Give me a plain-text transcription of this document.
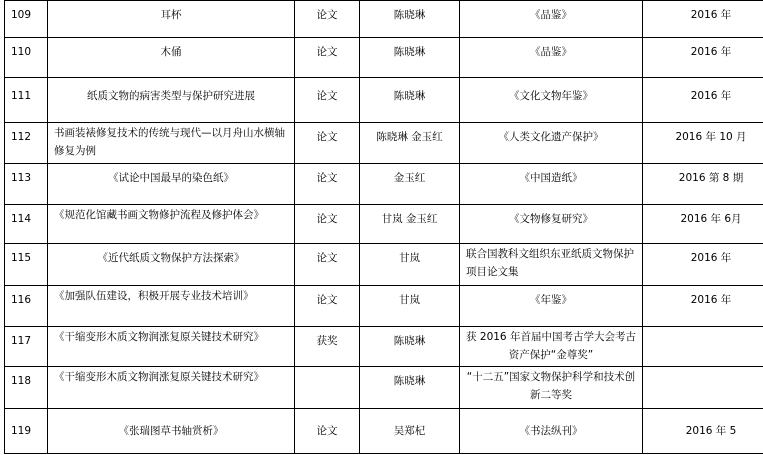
109	耳杯	论文	陈晓琳	《品鉴》	2016 年

110	木俑	论文	陈晓琳	《品鉴》	2016 年

111	纸质文物的病害类型与保护研究进展	论文	陈晓琳	《文化文物年鉴》	2016 年

112	书画装裱修复技术的传统与现代—以月舟山水横轴修复为例	论文	陈晓琳 金玉红	《人类文化遗产保护》	2016 年 10 月

113	《试论中国最早的染色纸》	论文	金玉红	《中国造纸》	2016 第 8 期

114	《规范化馆藏书画文物修护流程及修护体会》	论文	甘岚 金玉红	《文物修复研究》	2016 年 6月

115	《近代纸质文物保护方法探索》	论文	甘岚	联合国教科文组织东亚纸质文物保护项目论文集	2016 年

116	《加强队伍建设，积极开展专业技术培训》	论文	甘岚	《年鉴》	2016 年

117	《干缩变形木质文物润涨复原关键技术研究》	获奖	陈晓琳	获 2016 年首届中国考古学大会考古资产保护“金尊奖”	

118	《干缩变形木质文物润涨复原关键技术研究》		陈晓琳	“十二五”国家文物保护科学和技术创新二等奖	

119	《张瑞图草书轴赏析》	论文	吴郑杞	《书法纵刊》	2016 年 5
